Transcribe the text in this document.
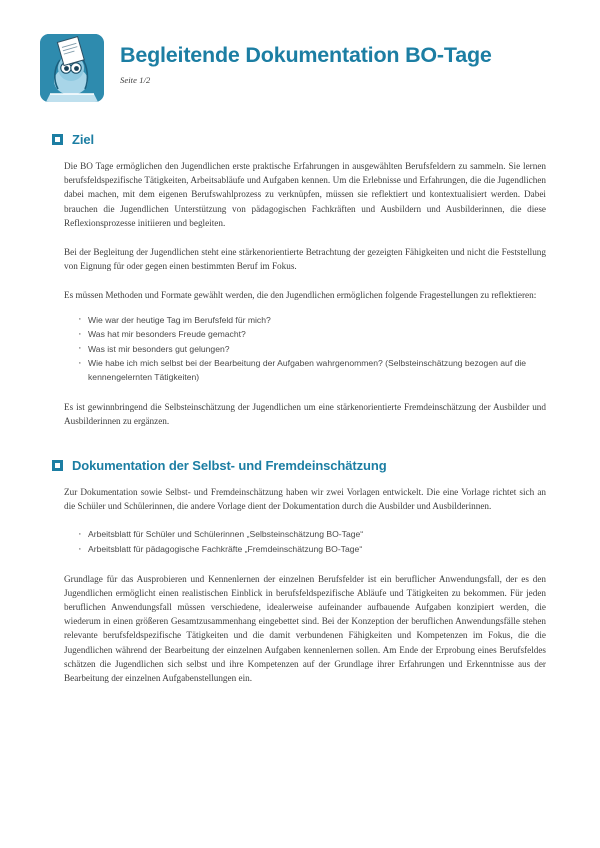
Begleitende Dokumentation BO-Tage
Seite 1/2
Ziel

Die BO Tage ermöglichen den Jugendlichen erste praktische Erfahrungen in ausgewählten Berufsfeldern zu sammeln. Sie lernen berufsfeldspezifische Tätigkeiten, Arbeitsabläufe und Aufgaben kennen. Um die Erlebnisse und Erfahrungen, die die Jugendlichen dabei machen, mit dem eigenen Berufswahlprozess zu verknüpfen, müssen sie reflektiert und kontextualisiert werden. Dabei brauchen die Jugendlichen Unterstützung von pädagogischen Fachkräften und Ausbildern und Ausbilderinnen, die diese Reflexionsprozesse initiieren und begleiten.

Bei der Begleitung der Jugendlichen steht eine stärkenorientierte Betrachtung der gezeigten Fähigkeiten und nicht die Feststellung von Eignung für oder gegen einen bestimmten Beruf im Fokus.

Es müssen Methoden und Formate gewählt werden, die den Jugendlichen ermöglichen folgende Fragestellungen zu reflektieren:

· Wie war der heutige Tag im Berufsfeld für mich?
· Was hat mir besonders Freude gemacht?
· Was ist mir besonders gut gelungen?
· Wie habe ich mich selbst bei der Bearbeitung der Aufgaben wahrgenommen? (Selbsteinschätzung bezogen auf die kennengelernten Tätigkeiten)

Es ist gewinnbringend die Selbsteinschätzung der Jugendlichen um eine stärkenorientierte Fremdeinschätzung der Ausbilder und Ausbilderinnen zu ergänzen.

Dokumentation der Selbst- und Fremdeinschätzung

Zur Dokumentation sowie Selbst- und Fremdeinschätzung haben wir zwei Vorlagen entwickelt. Die eine Vorlage richtet sich an die Schüler und Schülerinnen, die andere Vorlage dient der Dokumentation durch die Ausbilder und Ausbilderinnen.

· Arbeitsblatt für Schüler und Schülerinnen „Selbsteinschätzung BO-Tage“
· Arbeitsblatt für pädagogische Fachkräfte „Fremdeinschätzung BO-Tage“

Grundlage für das Ausprobieren und Kennenlernen der einzelnen Berufsfelder ist ein beruflicher Anwendungsfall, der es den Jugendlichen ermöglicht einen realistischen Einblick in berufsfeldspezifische Abläufe und Tätigkeiten zu bekommen. Für jeden beruflichen Anwendungsfall müssen verschiedene, idealerweise aufeinander aufbauende Aufgaben konzipiert werden, die wiederum in einen größeren Gesamtzusammenhang eingebettet sind. Bei der Konzeption der beruflichen Anwendungsfälle stehen relevante berufsfeldspezifische Tätigkeiten und die damit verbundenen Fähigkeiten und Kompetenzen im Fokus, die die Jugendlichen während der Bearbeitung der einzelnen Aufgaben kennenlernen sollen. Am Ende der Erprobung eines Berufsfeldes schätzen die Jugendlichen sich selbst und ihre Kompetenzen auf der Grundlage ihrer Erfahrungen und Erkenntnisse aus der Bearbeitung der einzelnen Aufgabenstellungen ein.
